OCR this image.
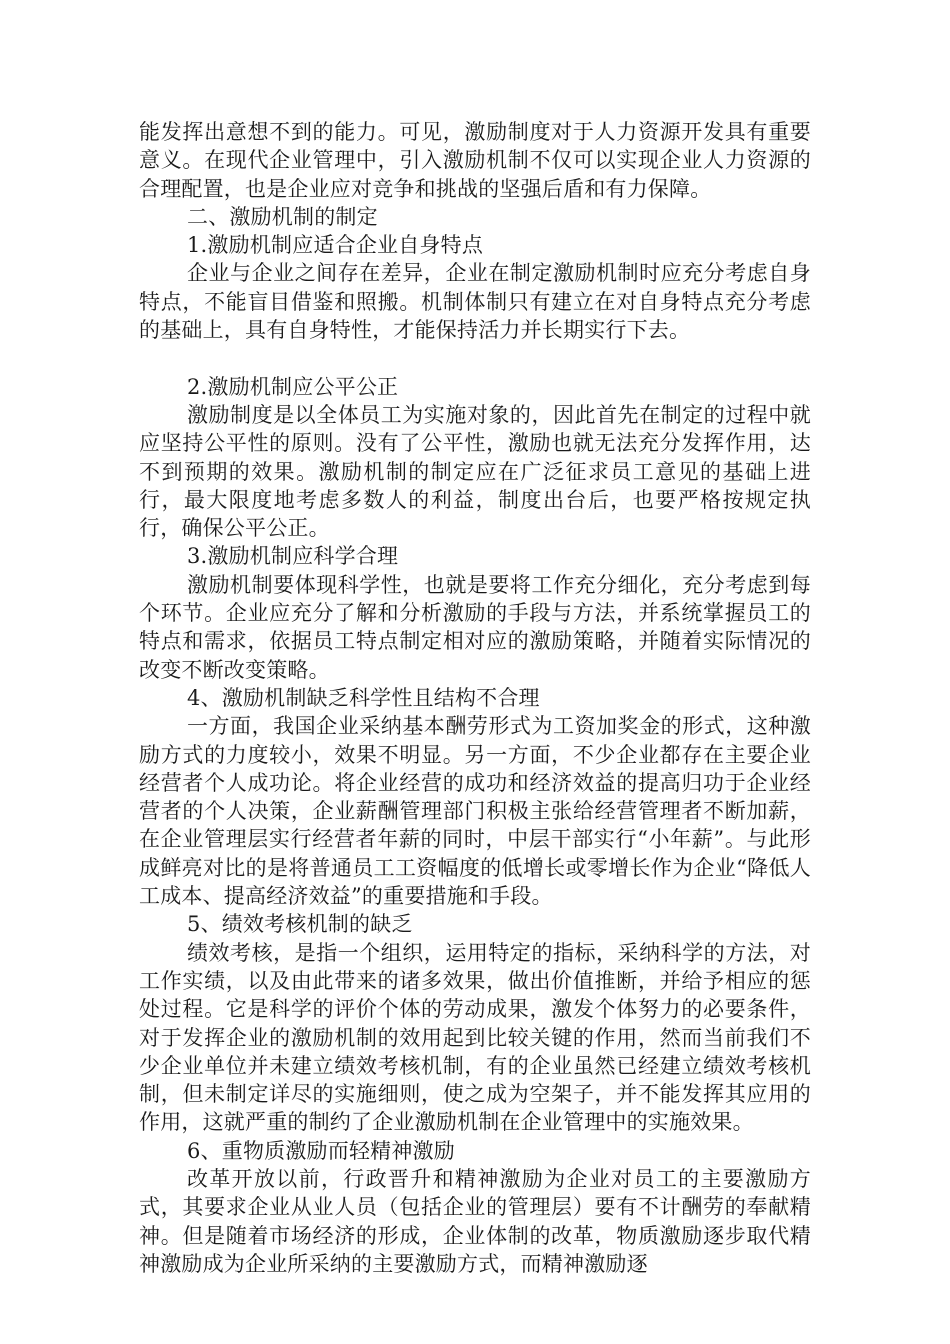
能发挥出意想不到的能力。可见，激励制度对于人力资源开发具有重要意义。在现代企业管理中，引入激励机制不仅可以实现企业人力资源的合理配置，也是企业应对竞争和挑战的坚强后盾和有力保障。

二、激励机制的制定

1.激励机制应适合企业自身特点

企业与企业之间存在差异，企业在制定激励机制时应充分考虑自身特点，不能盲目借鉴和照搬。机制体制只有建立在对自身特点充分考虑的基础上，具有自身特性，才能保持活力并长期实行下去。

2.激励机制应公平公正

激励制度是以全体员工为实施对象的，因此首先在制定的过程中就应坚持公平性的原则。没有了公平性，激励也就无法充分发挥作用，达不到预期的效果。激励机制的制定应在广泛征求员工意见的基础上进行，最大限度地考虑多数人的利益，制度出台后，也要严格按规定执行，确保公平公正。

3.激励机制应科学合理

激励机制要体现科学性，也就是要将工作充分细化，充分考虑到每个环节。企业应充分了解和分析激励的手段与方法，并系统掌握员工的特点和需求，依据员工特点制定相对应的激励策略，并随着实际情况的改变不断改变策略。

4、激励机制缺乏科学性且结构不合理

一方面，我国企业采纳基本酬劳形式为工资加奖金的形式，这种激励方式的力度较小，效果不明显。另一方面，不少企业都存在主要企业经营者个人成功论。将企业经营的成功和经济效益的提高归功于企业经营者的个人决策，企业薪酬管理部门积极主张给经营管理者不断加薪，在企业管理层实行经营者年薪的同时，中层干部实行“小年薪”。与此形成鲜亮对比的是将普通员工工资幅度的低增长或零增长作为企业“降低人工成本、提高经济效益”的重要措施和手段。

5、绩效考核机制的缺乏

绩效考核，是指一个组织，运用特定的指标，采纳科学的方法，对工作实绩，以及由此带来的诸多效果，做出价值推断，并给予相应的惩处过程。它是科学的评价个体的劳动成果，激发个体努力的必要条件，对于发挥企业的激励机制的效用起到比较关键的作用，然而当前我们不少企业单位并未建立绩效考核机制，有的企业虽然已经建立绩效考核机制，但未制定详尽的实施细则，使之成为空架子，并不能发挥其应用的作用，这就严重的制约了企业激励机制在企业管理中的实施效果。

6、重物质激励而轻精神激励

改革开放以前，行政晋升和精神激励为企业对员工的主要激励方式，其要求企业从业人员（包括企业的管理层）要有不计酬劳的奉献精神。但是随着市场经济的形成，企业体制的改革，物质激励逐步取代精神激励成为企业所采纳的主要激励方式，而精神激励逐
